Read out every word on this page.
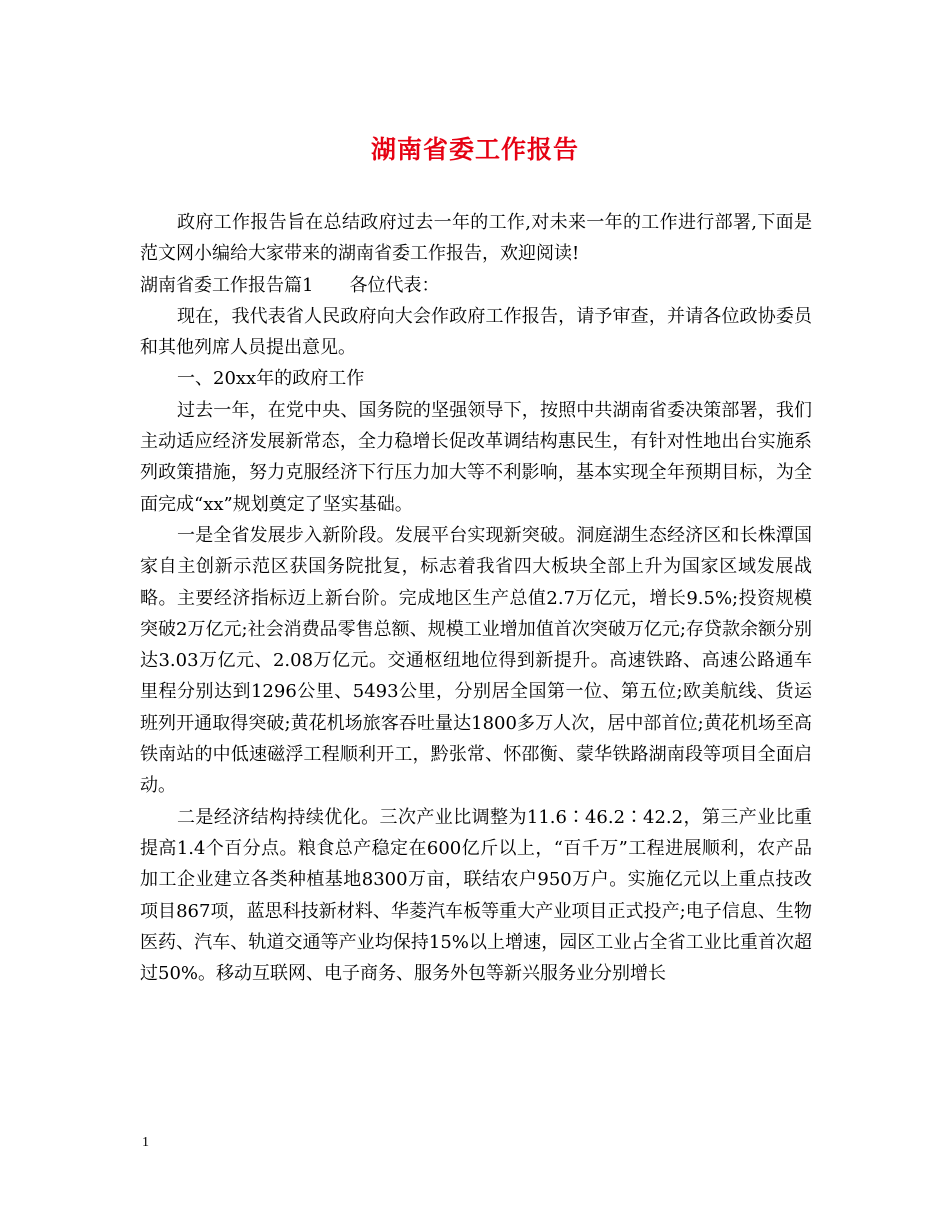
湖南省委工作报告

政府工作报告旨在总结政府过去一年的工作,对未来一年的工作进行部署,下面是范文网小编给大家带来的湖南省委工作报告，欢迎阅读!

湖南省委工作报告篇1　　各位代表：

现在，我代表省人民政府向大会作政府工作报告，请予审查，并请各位政协委员和其他列席人员提出意见。

一、20xx年的政府工作

过去一年，在党中央、国务院的坚强领导下，按照中共湖南省委决策部署，我们主动适应经济发展新常态，全力稳增长促改革调结构惠民生，有针对性地出台实施系列政策措施，努力克服经济下行压力加大等不利影响，基本实现全年预期目标，为全面完成“xx”规划奠定了坚实基础。

一是全省发展步入新阶段。发展平台实现新突破。洞庭湖生态经济区和长株潭国家自主创新示范区获国务院批复，标志着我省四大板块全部上升为国家区域发展战略。主要经济指标迈上新台阶。完成地区生产总值2.7万亿元，增长9.5%;投资规模突破2万亿元;社会消费品零售总额、规模工业增加值首次突破万亿元;存贷款余额分别达3.03万亿元、2.08万亿元。交通枢纽地位得到新提升。高速铁路、高速公路通车里程分别达到1296公里、5493公里，分别居全国第一位、第五位;欧美航线、货运班列开通取得突破;黄花机场旅客吞吐量达1800多万人次，居中部首位;黄花机场至高铁南站的中低速磁浮工程顺利开工，黔张常、怀邵衡、蒙华铁路湖南段等项目全面启动。

二是经济结构持续优化。三次产业比调整为11.6∶46.2∶42.2，第三产业比重提高1.4个百分点。粮食总产稳定在600亿斤以上，“百千万”工程进展顺利，农产品加工企业建立各类种植基地8300万亩，联结农户950万户。实施亿元以上重点技改项目867项，蓝思科技新材料、华菱汽车板等重大产业项目正式投产;电子信息、生物医药、汽车、轨道交通等产业均保持15%以上增速，园区工业占全省工业比重首次超过50%。移动互联网、电子商务、服务外包等新兴服务业分别增长

1
